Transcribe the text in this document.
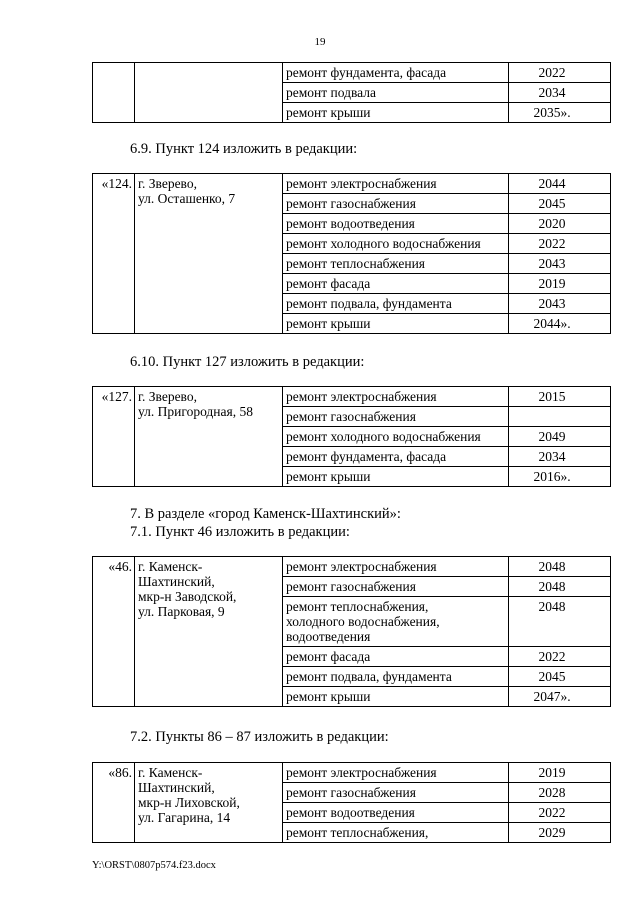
19
		ремонт фундамента, фасада	2022
		ремонт подвала	2034
		ремонт крыши	2035».
6.9. Пункт 124 изложить в редакции:
«124.	г. Зверево,
ул. Осташенко, 7	ремонт электроснабжения	2044
		ремонт газоснабжения	2045
		ремонт водоотведения	2020
		ремонт холодного водоснабжения	2022
		ремонт теплоснабжения	2043
		ремонт фасада	2019
		ремонт подвала, фундамента	2043
		ремонт крыши	2044».
6.10. Пункт 127 изложить в редакции:
«127.	г. Зверево,
ул. Пригородная, 58	ремонт электроснабжения	2015
		ремонт газоснабжения	
		ремонт холодного водоснабжения	2049
		ремонт фундамента, фасада	2034
		ремонт крыши	2016».
7. В разделе «город Каменск-Шахтинский»:
7.1. Пункт 46 изложить в редакции:
«46.	г. Каменск-
Шахтинский,
мкр-н Заводской,
ул. Парковая, 9	ремонт электроснабжения	2048
		ремонт газоснабжения	2048
		ремонт теплоснабжения,
холодного водоснабжения,
водоотведения	2048
		ремонт фасада	2022
		ремонт подвала, фундамента	2045
		ремонт крыши	2047».
7.2. Пункты 86 – 87 изложить в редакции:
«86.	г. Каменск-
Шахтинский,
мкр-н Лиховской,
ул. Гагарина, 14	ремонт электроснабжения	2019
		ремонт газоснабжения	2028
		ремонт водоотведения	2022
		ремонт теплоснабжения,	2029
Y:\ORST\0807p574.f23.docx
